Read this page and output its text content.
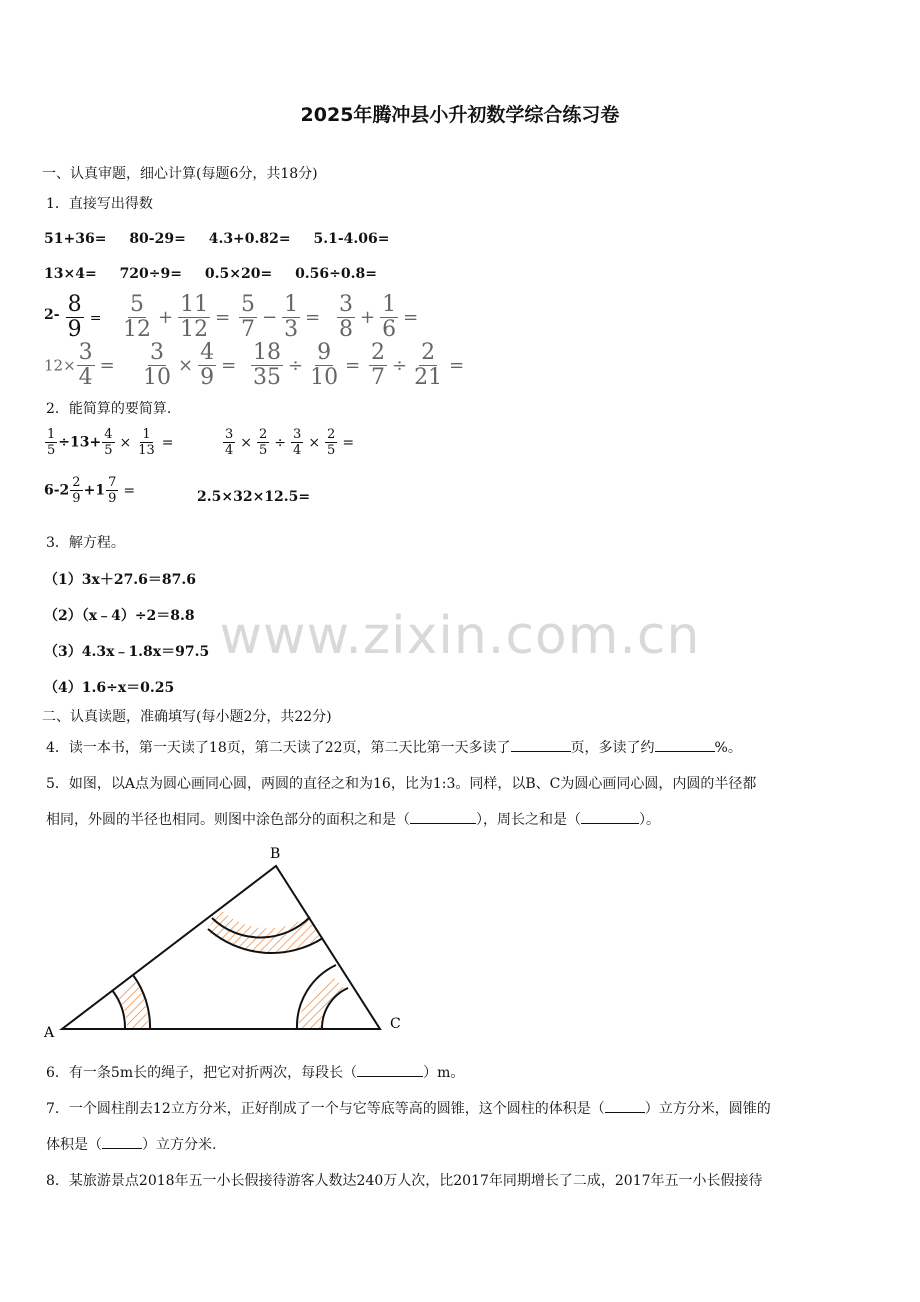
2025年腾冲县小升初数学综合练习卷
一、认真审题，细心计算(每题6分，共18分)
1．直接写出得数
51+36= 80-29= 4.3+0.82= 5.1-4.06=
13×4= 720÷9= 0.5×20= 0.56÷0.8=
$2- \frac{8}{9} = \frac{5}{12} + \frac{11}{12} = \frac{5}{7} - \frac{1}{3} = \frac{3}{8} + \frac{1}{6}$ =
$12\times \frac{3}{4} = \frac{3}{10} \times \frac{4}{9} = \frac{18}{35} \div \frac{9}{10} = \frac{2}{7} \div \frac{2}{21}$ =
2．能简算的要简算.
$\frac{1}{5} \div 13+ \frac{4}{5} \times \frac{1}{13}$ =	$\frac{3}{4} \times \frac{2}{5} \div \frac{3}{4} \times \frac{2}{5}$ =
$6-2 \frac{2}{9} +1 \frac{7}{9}$ =	2.5×32×12.5=
3．解方程。
（1）3x＋27.6＝87.6
（2）（x﹣4）÷2＝8.8
（3）4.3x﹣1.8x＝97.5
（4）1.6÷x＝0.25
www.zixin.com.cn
二、认真读题，准确填写(每小题2分，共22分)
4．读一本书，第一天读了18页，第二天读了22页，第二天比第一天多读了	页，多读了约	%。
5．如图，以A点为圆心画同心圆，两圆的直径之和为16，比为1:3。同样，以B、C为圆心画同心圆，内圆的半径都
相同，外圆的半径也相同。则图中涂色部分的面积之和是（	），周长之和是（	）。
A
B
C
6．有一条5m长的绳子，把它对折两次，每段长（	）m。
7．一个圆柱削去12立方分米，正好削成了一个与它等底等高的圆锥，这个圆柱的体积是（	）立方分米，圆锥的
体积是（	）立方分米.
8．某旅游景点2018年五一小长假接待游客人数达240万人次，比2017年同期增长了二成，2017年五一小长假接待
